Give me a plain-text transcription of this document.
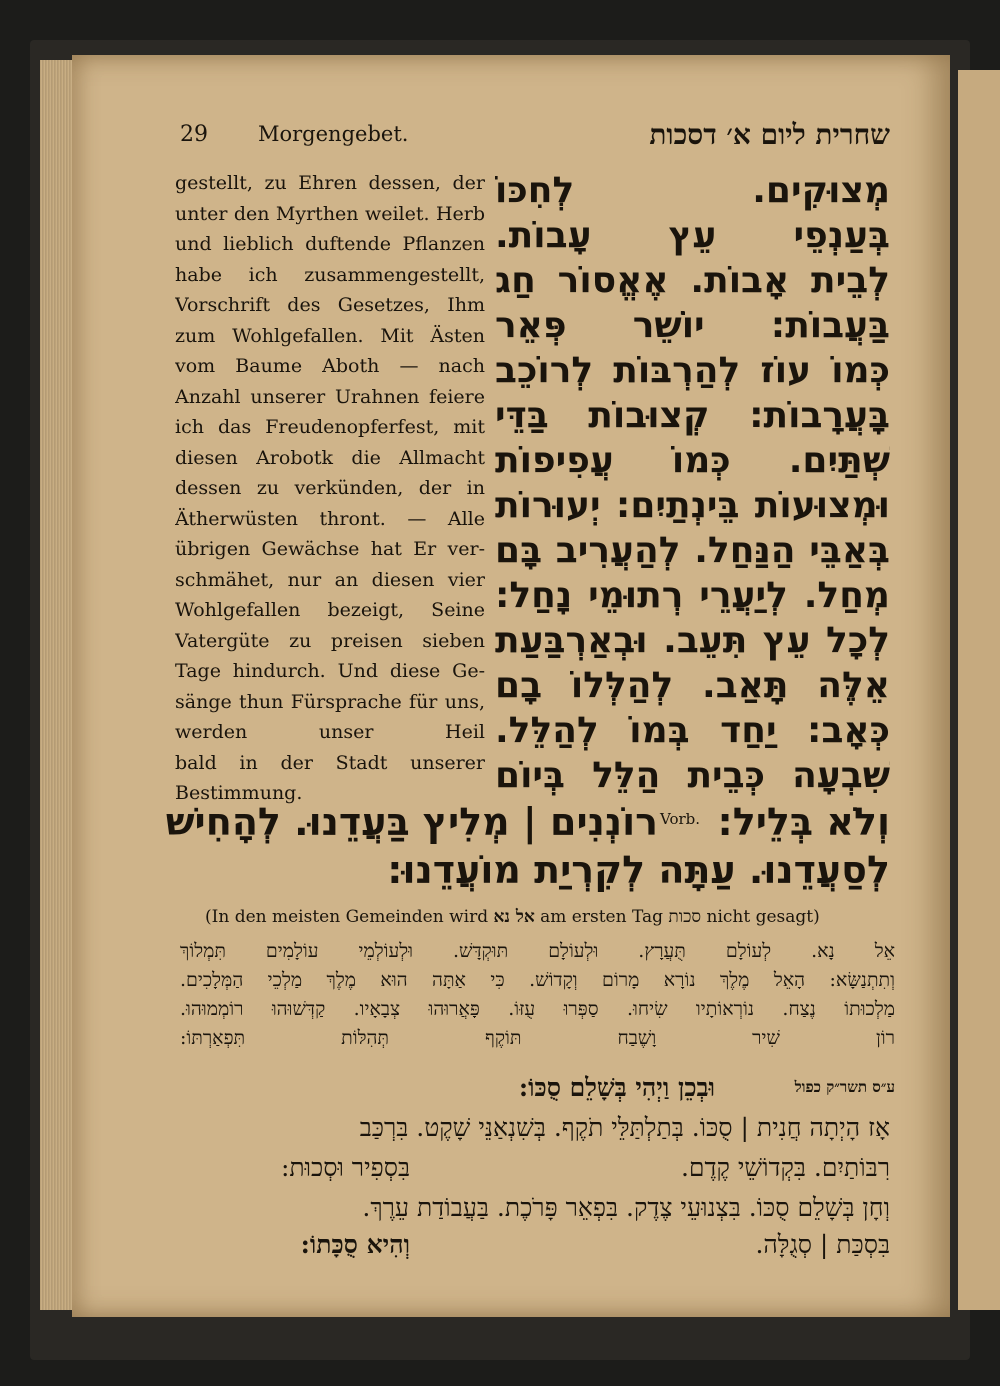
29 Morgengebet.	שחרית ליום א׳ דסכות
gestellt, zu Ehren dessen, der
unter den Myrthen weilet. Herb
und lieblich duftende Pflanzen
habe ich zusammengestellt,
Vorschrift des Gesetzes, Ihm
zum Wohlgefallen. Mit Ästen
vom Baume Aboth — nach
Anzahl unserer Urahnen feiere
ich das Freudenopferfest, mit
diesen Arobotk die Allmacht
dessen zu verkünden, der in
Ätherwüsten thront. — Alle
übrigen Gewächse hat Er ver-
schmähet, nur an diesen vier
Wohlgefallen bezeigt, Seine
Vatergüte zu preisen sieben
Tage hindurch. Und diese Ge-
sänge thun Fürsprache für uns,
werden unser Heil
bald in der Stadt unserer
Bestimmung.
מְצוּקִים. לְחִכּוֹ
בְּעַנְפֵי עֵץ עָבוֹת.
לְבֵית אָבוֹת. אֶאֱסוֹר חַג
בַּעֲבוֹת: יוֹשֵׁר פְּאֵר
כְּמוֹ עוֹז לְהַרְבּוֹת לְרוֹכֵב
בָּעֲרָבוֹת: קְצוּבוֹת בַּדֵּי
שְׁתַּיִם. כְּמוֹ עֲפִיפוֹת
וּמְצוּעוֹת בֵּינְתַיִם: יְעוּרוֹת
בְּאַבֵּי הַנַּחַל. לְהַעֲרִיב בָּם
מְחַל. לְיַעֲרֵי רְתוּמֵי נָחַל:
לְכָל עֵץ תִּעֵב. וּבְאַרְבַּעַת
אֵלֶּה תָּאַב. לְהַלְּלוֹ בָם
כְּאָב: יַחַד בְּמוֹ לְהַלֵּל.
שִׁבְעָה כְּבֵית הַלֵּל בְּיוֹם
וְלֹא בְּלֵיל:
Vorb.
רוֹנְנִים | מְלִיץ בַּעֲדֵנוּ. לְהָחִישׁ
לְסַעֲדֵנוּ. עַתָּה לְקִרְיַת מוֹעֲדֵנוּ:
(In den meisten Gemeinden wird אל נא am ersten Tag סכות nicht gesagt)
אֵל נָא. לְעוֹלָם תֻּעֲרָץ. וּלְעוֹלָם תּוּקְדָּשׁ. וּלְעוֹלְמֵי עוֹלָמִים תִּמְלוֹךְ
וְתִתְנַשָּׂא: הָאֵל מֶלֶךְ נוֹרָא מָרוֹם וְקָדוֹשׁ. כִּי אַתָּה הוּא מֶלֶךְ מַלְכֵי הַמְּלָכִים.
מַלְכוּתוֹ נֶצַח. נוֹרְאוֹתָיו שִׂיחוּ. סַפְּרוּ עֻזּוֹ. פָּאֲרוּהוּ צְבָאָיו. קַדְּשׁוּהוּ רוֹמְמוּהוּ.
רוֹן שִׁיר וָשֶׁבַח תּוֹקֶף תְּהִלּוֹת תִּפְאַרְתּוֹ:
וּבְכֵן וַיְהִי בְּשָׁלֵם סֻכּוֹ:	ע״ס תשר״ק כפול
אָז הָיְתָה חֲנִית | סֻכּוֹ. בְּתַלְתַּלֵּי תֹקֶף. בְּשִׁנְאַנֵּי שָׁקֶט. בִּרְכַּב
רִבּוֹתַיִם. בִּקְדוֹשֵׁי קֶדֶם.
בִּסְפִיר וּסְכוּת:
וְחָן בְּשָׁלֵם סֻכּוֹ. בִּצְנוּעֵי צֶדֶק. בִּפְאֵר פָּרֹכֶת. בַּעֲבוֹדַת עֵרֶךְ.
בִּסְכַּת | סְגֻלָּה.
וְהִיא סֻכָּתוֹ:
